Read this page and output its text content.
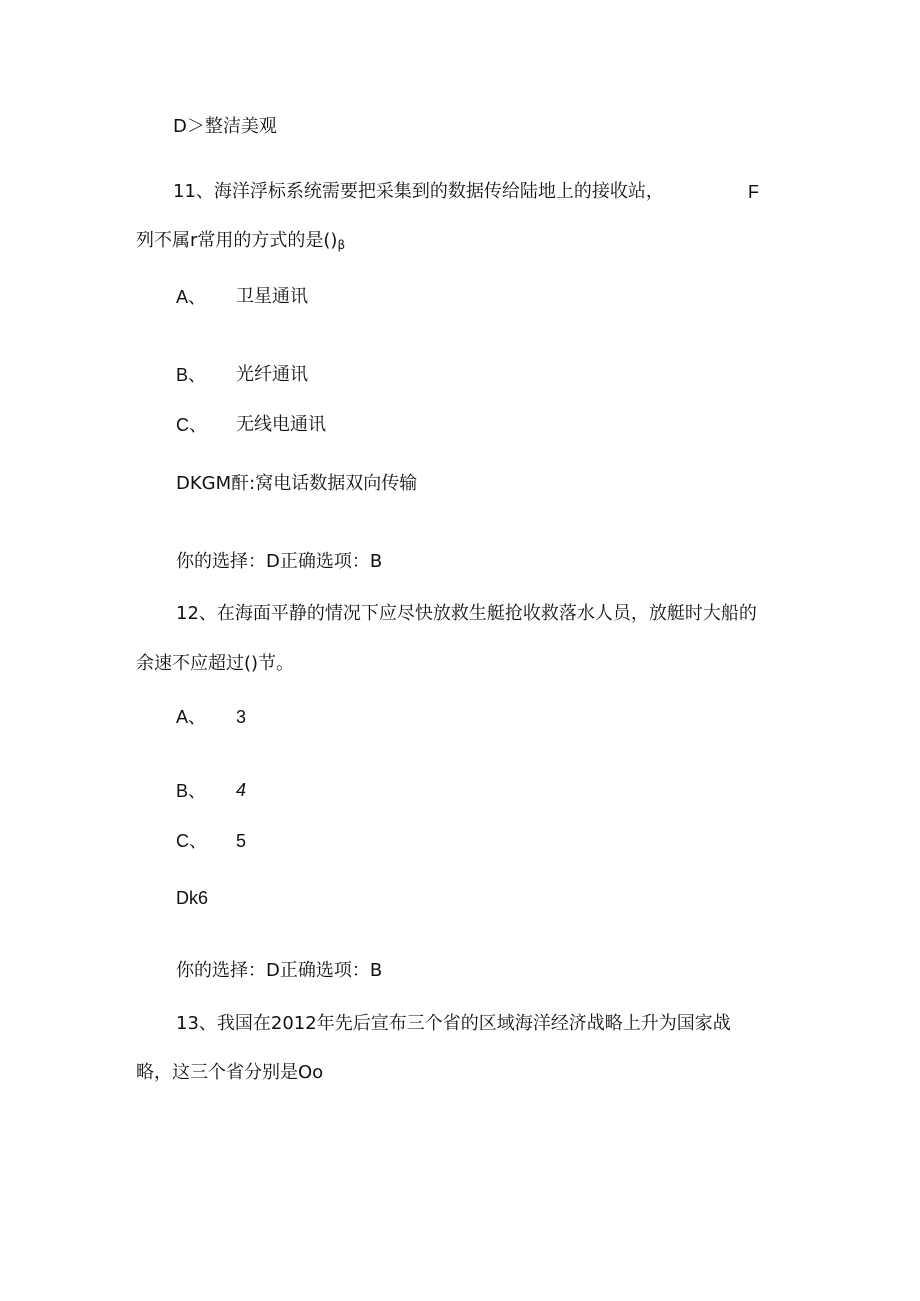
D＞整洁美观
11、海洋浮标系统需要把采集到的数据传给陆地上的接收站，	F
列不属r常用的方式的是()β
A、 卫星通讯
B、 光纤通讯
C、 无线电通讯
DKGM酐:窝电话数据双向传输
你的选择：D正确选项：B
12、在海面平静的情况下应尽快放救生艇抢收救落水人员，放艇时大船的
余速不应超过()节。
A、 3
B、 4
C、 5
Dk6
你的选择：D正确选项：B
13、我国在2012年先后宣布三个省的区域海洋经济战略上升为国家战
略，这三个省分别是Oo
